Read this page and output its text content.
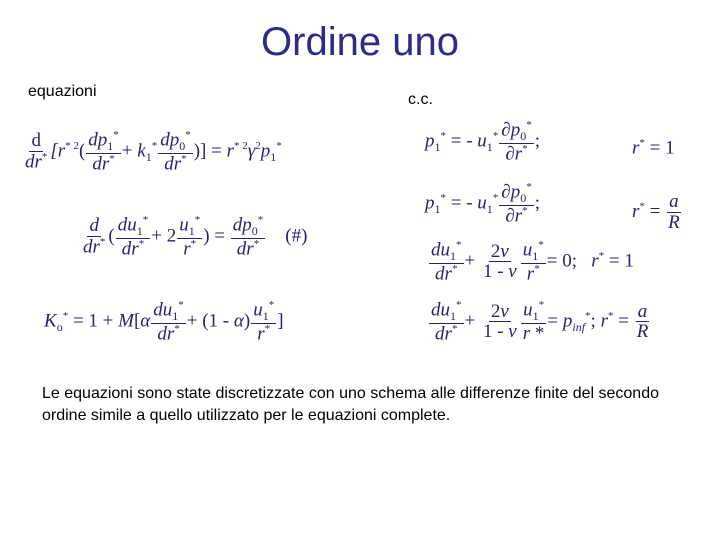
Ordine uno
equazioni	c.c.
$\frac{d}{dr^*} [r^{* 2}( \frac{dp_1^*}{dr^*} + k_1^* \frac{dp_0^*}{dr^*}$ )] = $r^{* 2}\gamma^2p_1^*$
$\frac{d}{dr^*}$ ( $\frac{du_1^*}{dr^*} + 2 \frac{u_1^*}{r^*}$ ) = $\frac{dp_0^*}{dr^*}$ (#)
$K_o^* = 1 + M[\alpha \frac{du_1^*}{dr^*} + (1 - \alpha) \frac{u_1^*}{r^*}$ ]
$p_1^*$ = - $u_1^* \frac{\partial p_0^*}{\partial r^*}$ ;	r* = 1
$p_1^*$ = - $u_1^* \frac{\partial p_0^*}{\partial r^*}$ ;	$r^* = \frac{a}{R}$
$\frac{du_1^*}{dr^*} + \frac{2\nu}{1 - \nu} \frac{u_1^*}{r^*} = 0$;   r* = 1
$\frac{du_1^*}{dr^*} + \frac{2\nu}{1 - \nu} \frac{u_1^*}{r *} = p_{inf}^*$; $r^* = \frac{a}{R}$
Le equazioni sono state discretizzate con uno schema alle differenze finite del secondo ordine simile a quello utilizzato per le equazioni complete.
